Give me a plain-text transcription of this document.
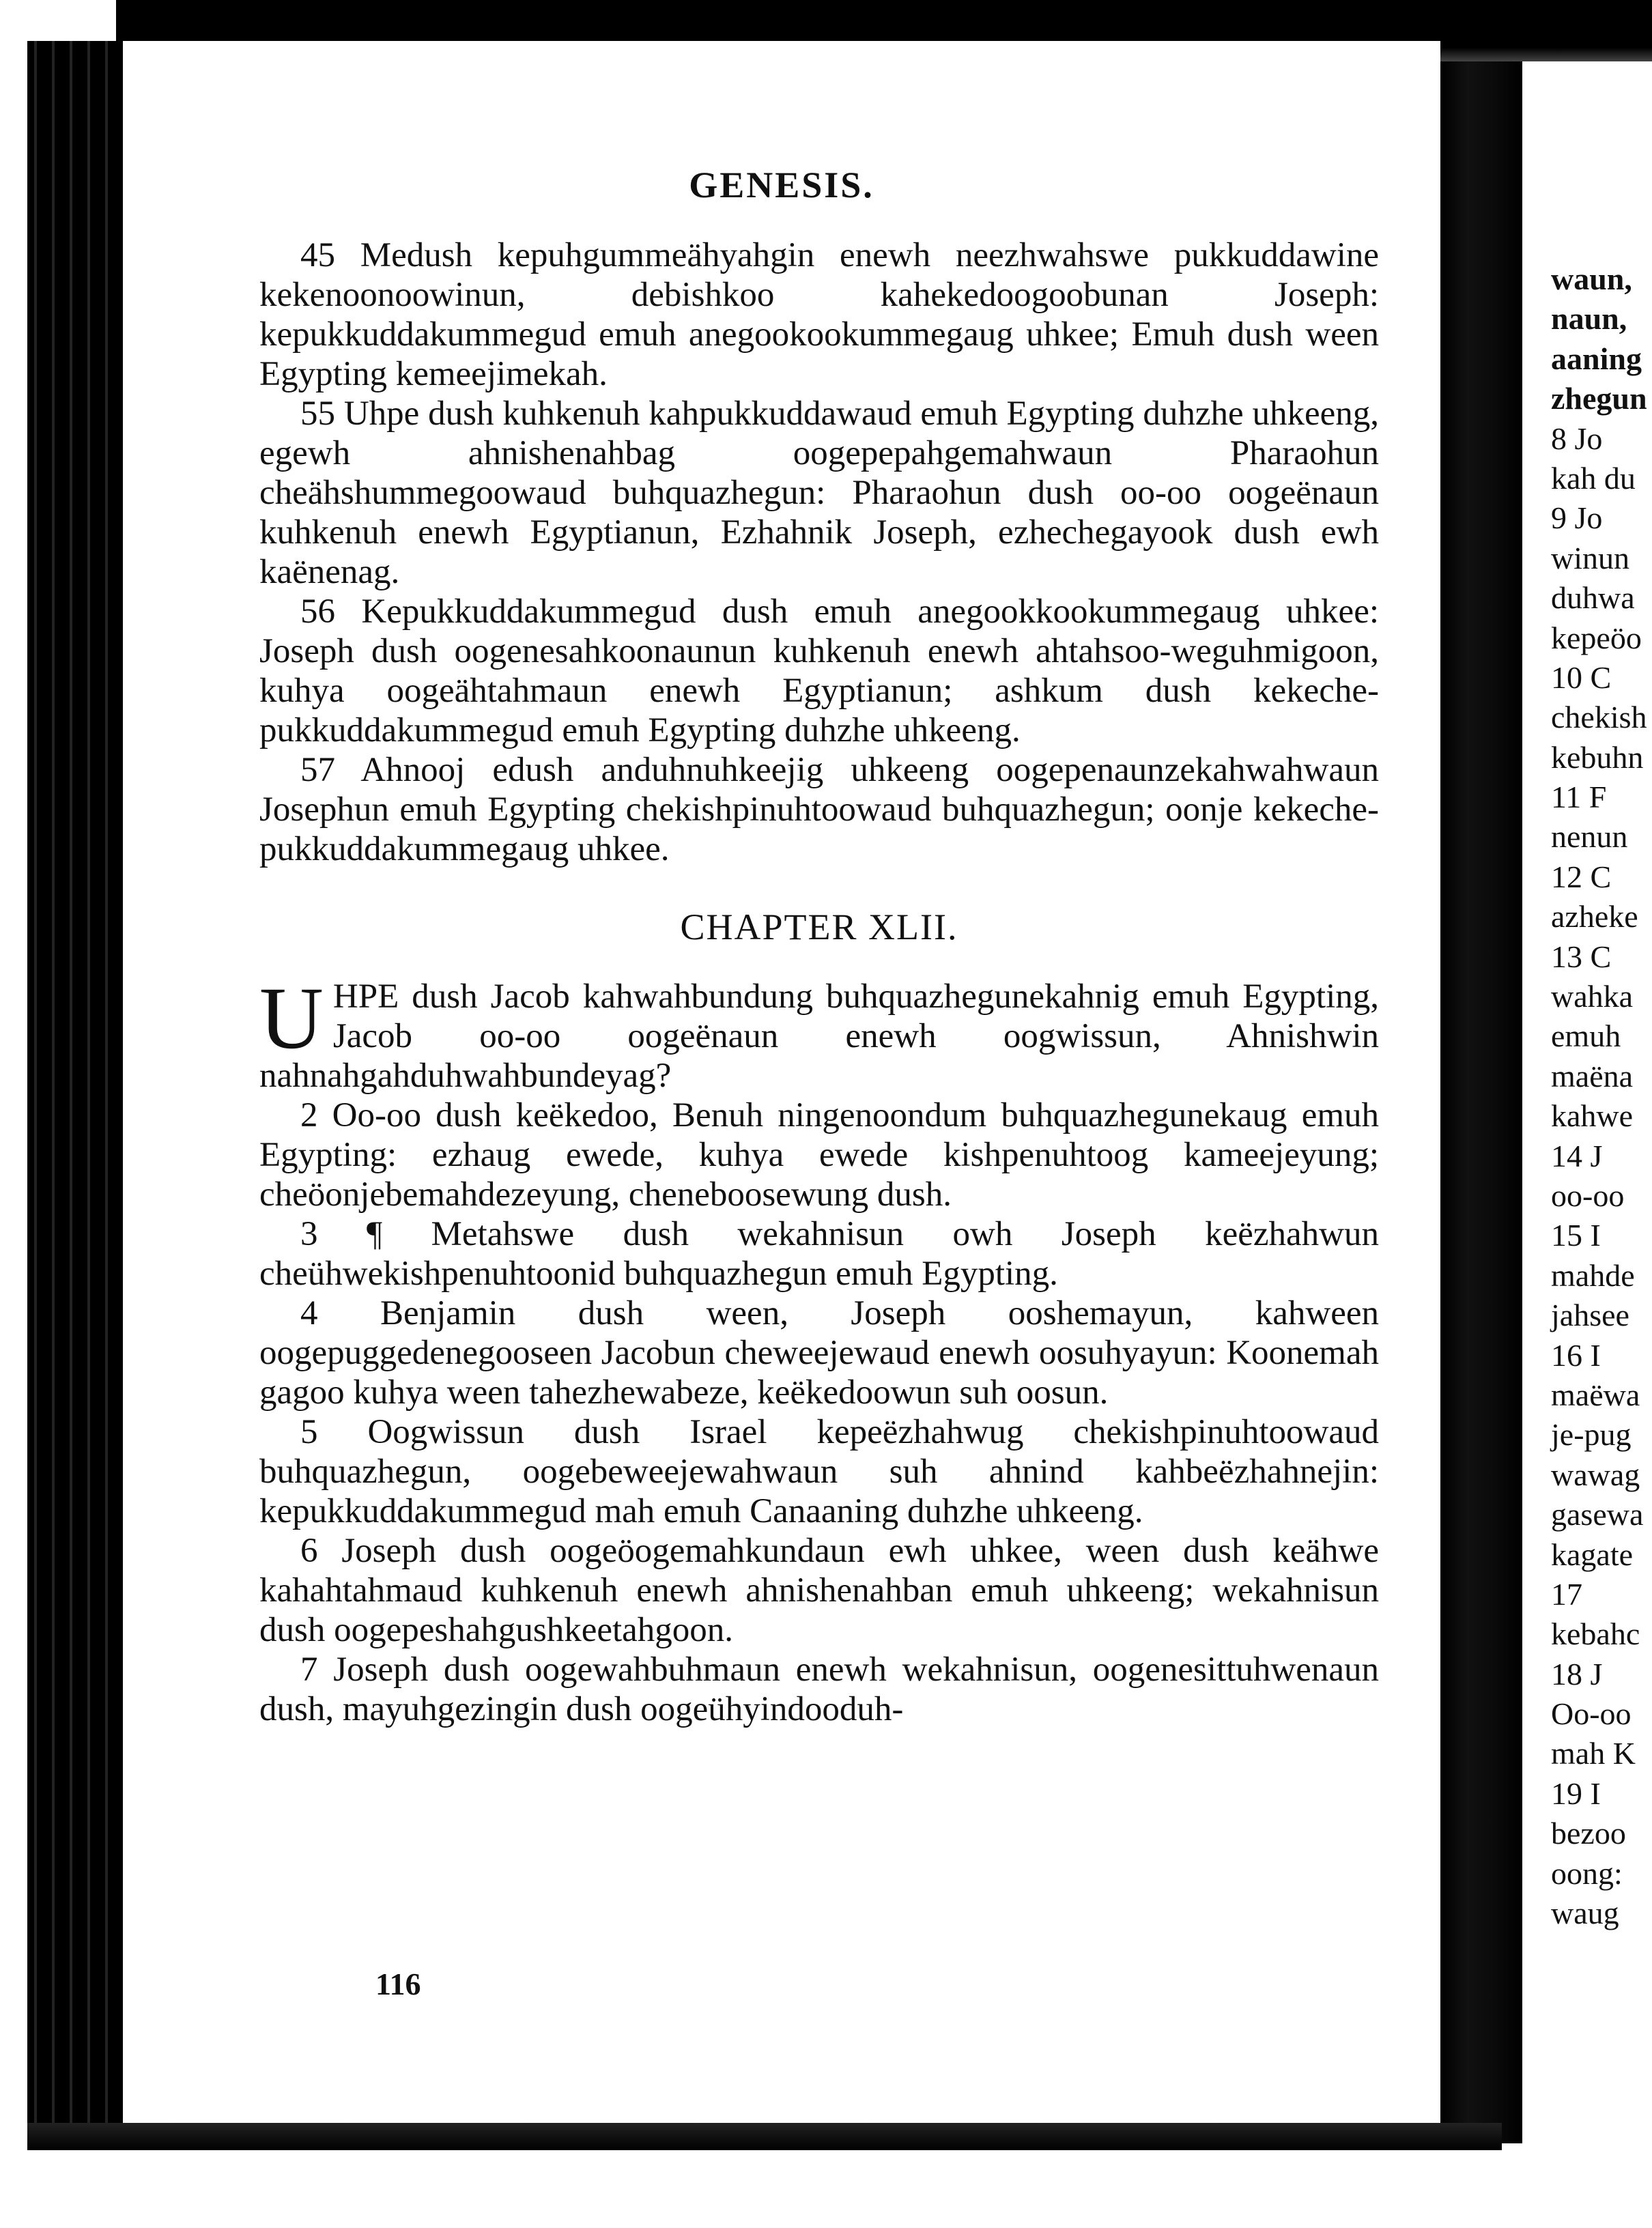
GENESIS.

45 Medush kepuhgummeähyahgin enewh neezhwahswe pukkuddawine kekenoonoowinun, debishkoo kahekedoogoobunan Joseph: kepukkuddakummegud emuh anegookookummegaug uhkee; Emuh dush ween Egypting kemeejimekah.

55 Uhpe dush kuhkenuh kahpukkuddawaud emuh Egypting duhzhe uhkeeng, egewh ahnishenahbag oogepepahgemahwaun Pharaohun cheähshummegoowaud buhquazhegun: Pharaohun dush oo-oo oogeënaun kuhkenuh enewh Egyptianun, Ezhahnik Joseph, ezhechegayook dush ewh kaënenag.

56 Kepukkuddakummegud dush emuh anegookkookummegaug uhkee: Joseph dush oogenesahkoonaunun kuhkenuh enewh ahtahsoo-weguhmigoon, kuhya oogeähtahmaun enewh Egyptianun; ashkum dush kekeche-pukkuddakummegud emuh Egypting duhzhe uhkeeng.

57 Ahnooj edush anduhnuhkeejig uhkeeng oogepenaunzekahwahwaun Josephun emuh Egypting chekishpinuhtoowaud buhquazhegun; oonje kekeche-pukkuddakummegaug uhkee.

CHAPTER XLII.

UHPE dush Jacob kahwahbundung buhquazhegunekahnig emuh Egypting, Jacob oo-oo oogeënaun enewh oogwissun, Ahnishwin nahnahgahduhwahbundeyag?

2 Oo-oo dush keëkedoo, Benuh ningenoondum buhquazhegunekaug emuh Egypting: ezhaug ewede, kuhya ewede kishpenuhtoog kameejeyung; cheöonjebemahdezeyung, cheneboosewung dush.

3 ¶ Metahswe dush wekahnisun owh Joseph keëzhahwun cheühwekishpenuhtoonid buhquazhegun emuh Egypting.

4 Benjamin dush ween, Joseph ooshemayun, kahween oogepuggedenegooseen Jacobun cheweejewaud enewh oosuhyayun: Koonemah gagoo kuhya ween tahezhewabeze, keëkedoowun suh oosun.

5 Oogwissun dush Israel kepeëzhahwug chekishpinuhtoowaud buhquazhegun, oogebeweejewahwaun suh ahnind kahbeëzhahnejin: kepukkuddakummegud mah emuh Canaaning duhzhe uhkeeng.

6 Joseph dush oogeöogemahkundaun ewh uhkee, ween dush keähwe kahahtahmaud kuhkenuh enewh ahnishenahban emuh uhkeeng; wekahnisun dush oogepeshahgushkeetahgoon.

7 Joseph dush oogewahbuhmaun enewh wekahnisun, oogenesittuhwenaun dush, mayuhgezingin dush oogeühyindooduh-

116
waun,
naun,
aaning
zhegun
8 Jo
kah du
9 Jo
winun
duhwa
kepeöo
10 C
chekish
kebuhn
11 F
nenun
12 C
azheke
13 C
wahka
emuh
maëna
kahwe
14 J
oo-oo
15 I
mahde
jahsee
16 I
maëwa
je-pug
wawag
gasewa
kagate
17
kebahc
18 J
Oo-oo
mah K
19 I
bezoo
oong:
waug
